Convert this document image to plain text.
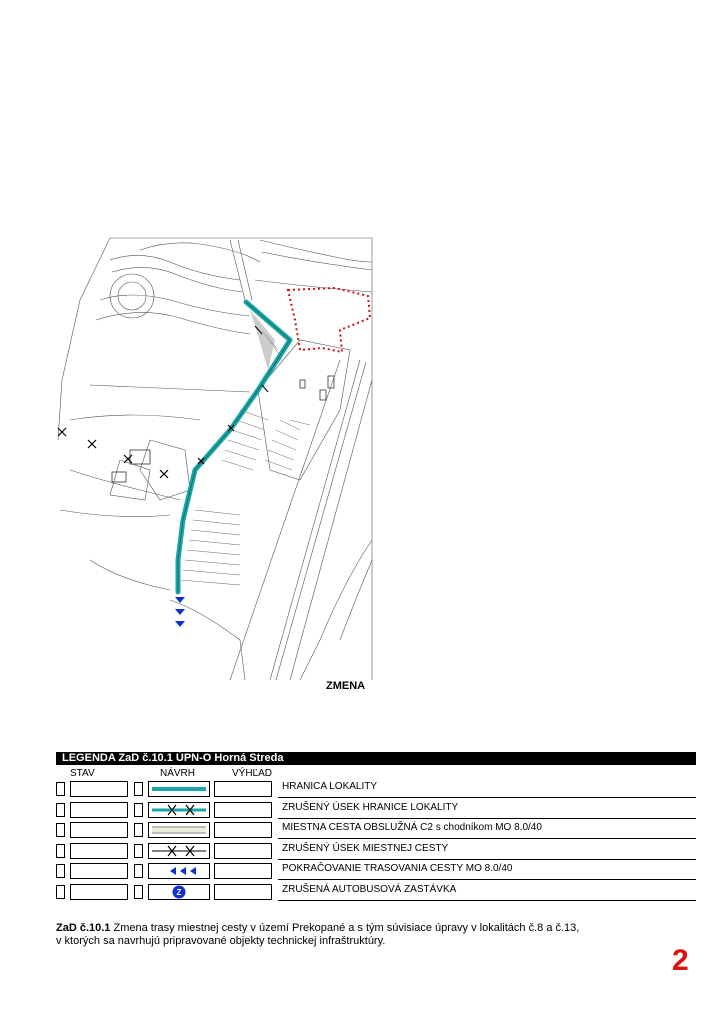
ZMENA
LEGENDA ZaD č.10.1 ÚPN-O Horná Streda
STAV	NÁVRH	VÝHĽAD
HRANICA LOKALITY
ZRUŠENÝ ÚSEK HRANICE LOKALITY
MIESTNA CESTA OBSLUŽNÁ C2 s chodníkom MO 8.0/40
ZRUŠENÝ ÚSEK MIESTNEJ CESTY
POKRAČOVANIE TRASOVANIA CESTY MO 8.0/40
Z	ZRUŠENÁ AUTOBUSOVÁ ZASTÁVKA
ZaD č.10.1 Zmena trasy miestnej cesty v území Prekopané a s tým súvisiace úpravy v lokalitách č.8 a č.13,
v ktorých sa navrhujú pripravované objekty technickej infraštruktúry.
2
